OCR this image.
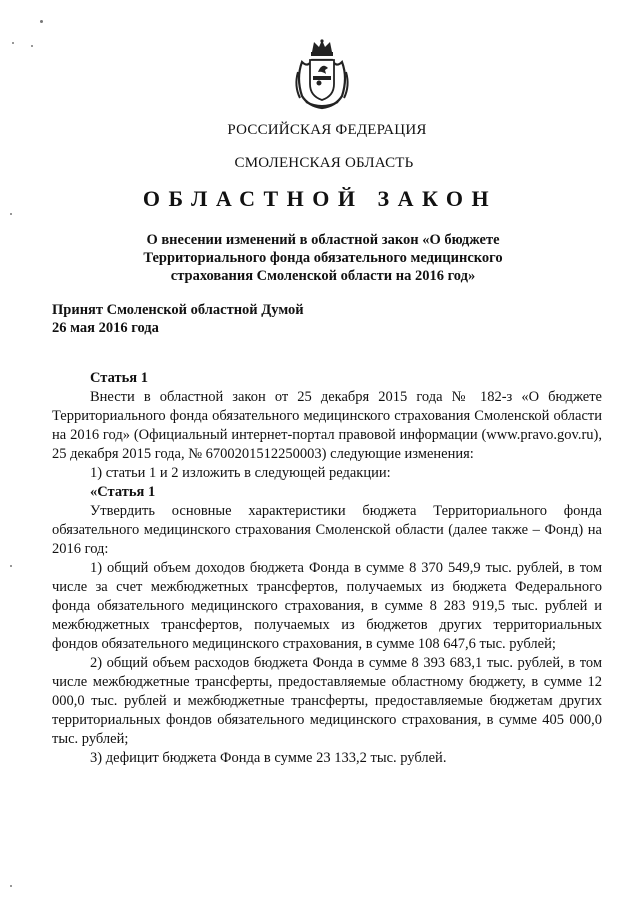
РОССИЙСКАЯ ФЕДЕРАЦИЯ
СМОЛЕНСКАЯ ОБЛАСТЬ
ОБЛАСТНОЙ ЗАКОН
О внесении изменений в областной закон «О бюджете Территориального фонда обязательного медицинского страхования Смоленской области на 2016 год»
Принят Смоленской областной Думой
26 мая 2016 года

Статья 1

Внести в областной закон от 25 декабря 2015 года № 182-з «О бюджете Территориального фонда обязательного медицинского страхования Смоленской области на 2016 год» (Официальный интернет-портал правовой информации (www.pravo.gov.ru), 25 декабря 2015 года, № 6700201512250003) следующие изменения:

1) статьи 1 и 2 изложить в следующей редакции:

«Статья 1

Утвердить основные характеристики бюджета Территориального фонда обязательного медицинского страхования Смоленской области (далее также – Фонд) на 2016 год:

1) общий объем доходов бюджета Фонда в сумме 8 370 549,9 тыс. рублей, в том числе за счет межбюджетных трансфертов, получаемых из бюджета Федерального фонда обязательного медицинского страхования, в сумме 8 283 919,5 тыс. рублей и межбюджетных трансфертов, получаемых из бюджетов других территориальных фондов обязательного медицинского страхования, в сумме 108 647,6 тыс. рублей;

2) общий объем расходов бюджета Фонда в сумме 8 393 683,1 тыс. рублей, в том числе межбюджетные трансферты, предоставляемые областному бюджету, в сумме 12 000,0 тыс. рублей и межбюджетные трансферты, предоставляемые бюджетам других территориальных фондов обязательного медицинского страхования, в сумме 405 000,0 тыс. рублей;

3) дефицит бюджета Фонда в сумме 23 133,2 тыс. рублей.
